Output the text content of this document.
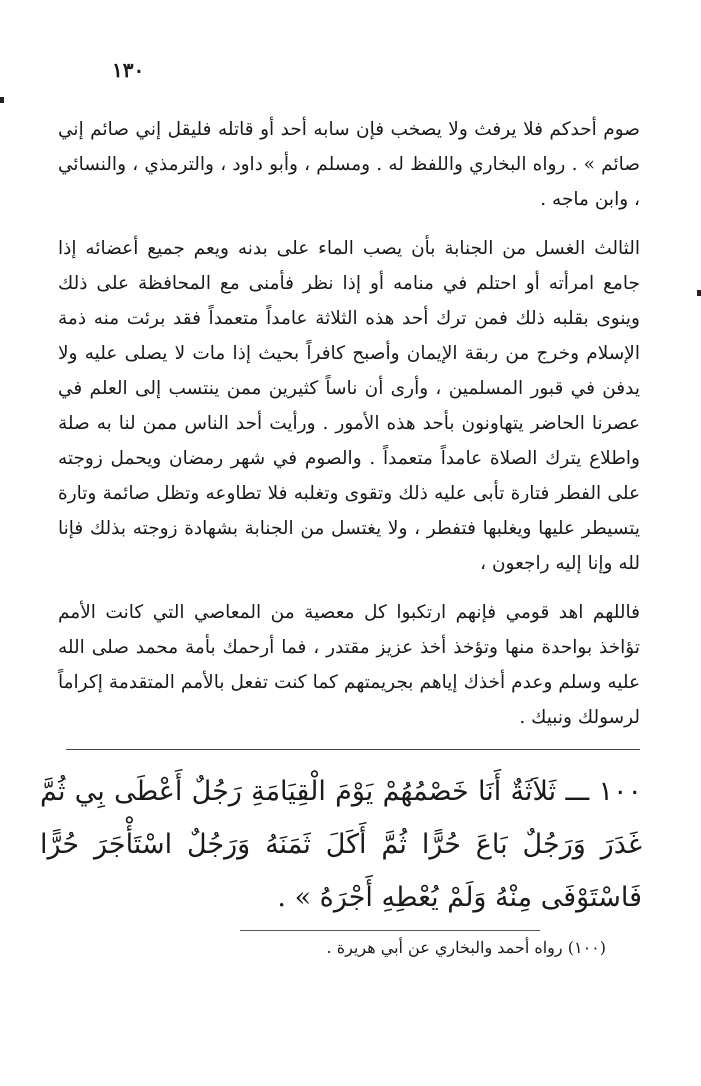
١٣٠

صوم أحدكم فلا يرفث ولا يصخب فإن سابه أحد أو قاتله فليقل إني صائم إني صائم » . رواه البخاري واللفظ له . ومسلم ، وأبو داود ، والترمذي ، والنسائي ، وابن ماجه .

الثالث الغسل من الجنابة بأن يصب الماء على بدنه ويعم جميع أعضائه إذا جامع امرأته أو احتلم في منامه أو إذا نظر فأمنى مع المحافظة على ذلك وينوى بقلبه ذلك فمن ترك أحد هذه الثلاثة عامداً متعمداً فقد برئت منه ذمة الإسلام وخرج من ربقة الإيمان وأصبح كافراً بحيث إذا مات لا يصلى عليه ولا يدفن في قبور المسلمين ، وأرى أن ناساً كثيرين ممن ينتسب إلى العلم في عصرنا الحاضر يتهاونون بأحد هذه الأمور . ورأيت أحد الناس ممن لنا به صلة واطلاع يترك الصلاة عامداً متعمداً . والصوم في شهر رمضان ويحمل زوجته على الفطر فتارة تأبى عليه ذلك وتقوى وتغلبه فلا تطاوعه وتظل صائمة وتارة يتسيطر عليها ويغلبها فتفطر ، ولا يغتسل من الجنابة بشهادة زوجته بذلك فإنا لله وإنا إليه راجعون ،

فاللهم اهد قومي فإنهم ارتكبوا كل معصية من المعاصي التي كانت الأمم تؤاخذ بواحدة منها وتؤخذ أخذ عزيز مقتدر ، فما أرحمك بأمة محمد صلى الله عليه وسلم وعدم أخذك إياهم بجريمتهم كما كنت تفعل بالأمم المتقدمة إكراماً لرسولك ونبيك .

١٠٠ ـــ ثَلاَثَةٌ أَنَا خَصْمُهُمْ يَوْمَ الْقِيَامَةِ رَجُلٌ أَعْطَى بِي ثُمَّ غَدَرَ وَرَجُلٌ بَاعَ حُرًّا ثُمَّ أَكَلَ ثَمَنَهُ وَرَجُلٌ اسْتَأْجَرَ حُرًّا فَاسْتَوْفَى مِنْهُ وَلَمْ يُعْطِهِ أَجْرَهُ » .
(١٠٠) رواه أحمد والبخاري عن أبي هريرة .
